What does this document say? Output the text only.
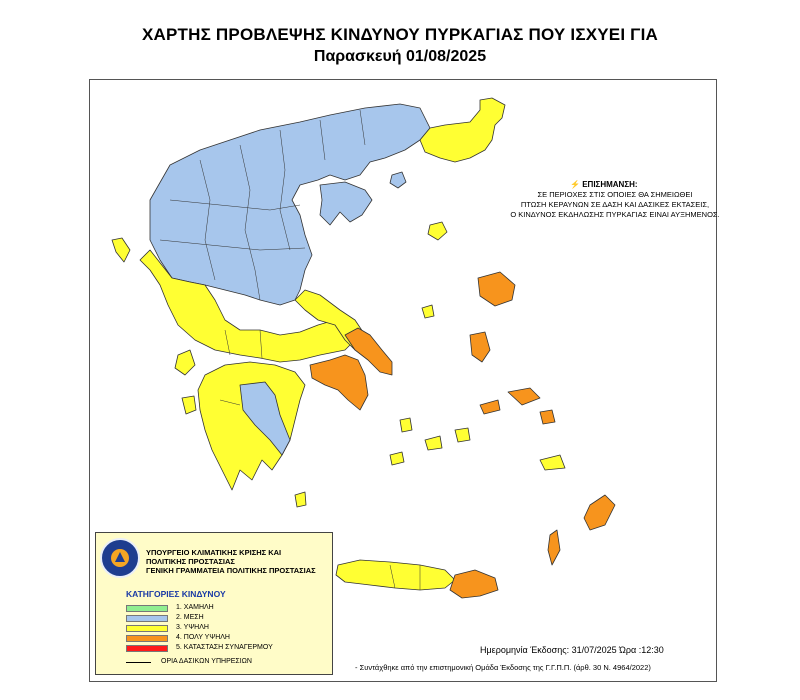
ΧΑΡΤΗΣ ΠΡΟΒΛΕΨΗΣ ΚΙΝΔΥΝΟΥ ΠΥΡΚΑΓΙΑΣ ΠΟΥ ΙΣΧΥΕΙ ΓΙΑ
Παρασκευή 01/08/2025
⚡ ΕΠΙΣΗΜΑΝΣΗ:
ΣΕ ΠΕΡΙΟΧΕΣ ΣΤΙΣ ΟΠΟΙΕΣ ΘΑ ΣΗΜΕΙΩΘΕΙ
ΠΤΩΣΗ ΚΕΡΑΥΝΩΝ ΣΕ ΔΑΣΗ ΚΑΙ ΔΑΣΙΚΕΣ ΕΚΤΑΣΕΙΣ,
Ο ΚΙΝΔΥΝΟΣ ΕΚΔΗΛΩΣΗΣ ΠΥΡΚΑΓΙΑΣ ΕΙΝΑΙ ΑΥΞΗΜΕΝΟΣ.
ΥΠΟΥΡΓΕΙΟ ΚΛΙΜΑΤΙΚΗΣ ΚΡΙΣΗΣ ΚΑΙ
ΠΟΛΙΤΙΚΗΣ ΠΡΟΣΤΑΣΙΑΣ
ΓΕΝΙΚΗ ΓΡΑΜΜΑΤΕΙΑ ΠΟΛΙΤΙΚΗΣ ΠΡΟΣΤΑΣΙΑΣ
ΚΑΤΗΓΟΡΙΕΣ ΚΙΝΔΥΝΟΥ
1. ΧΑΜΗΛΗ
2. ΜΕΣΗ
3. ΥΨΗΛΗ
4. ΠΟΛΥ ΥΨΗΛΗ
5. ΚΑΤΑΣΤΑΣΗ ΣΥΝΑΓΕΡΜΟΥ
ΟΡΙΑ ΔΑΣΙΚΩΝ ΥΠΗΡΕΣΙΩΝ
Ημερομηνία Έκδοσης: 31/07/2025 Ώρα :12:30
- Συντάχθηκε από την επιστημονική Ομάδα Έκδοσης της Γ.Γ.Π.Π. (άρθ. 30 Ν. 4964/2022)
